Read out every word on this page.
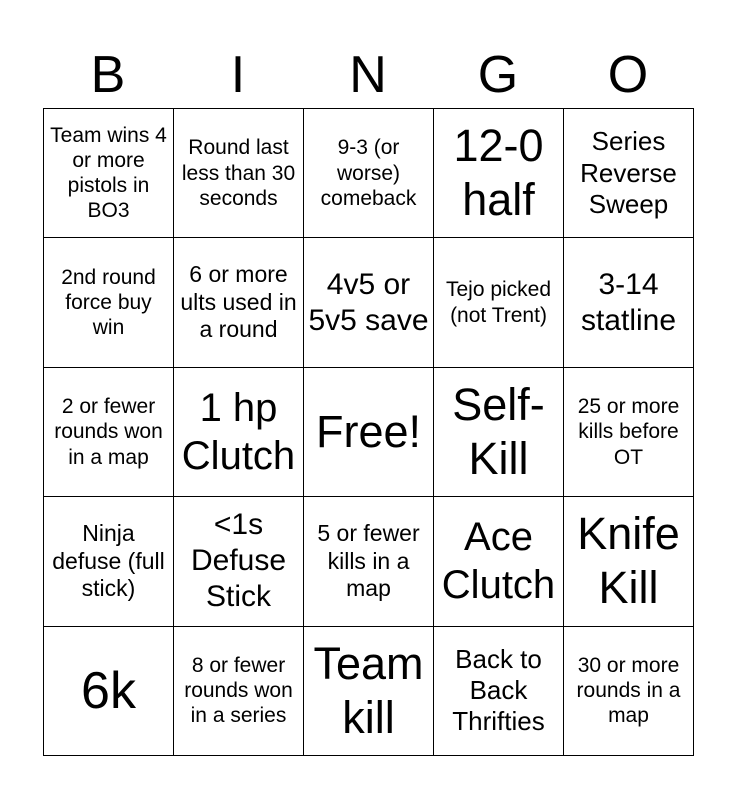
B	I	N	G	O
Team wins 4 or more pistols in BO3	Round last less than 30 seconds	9-3 (or worse) comeback	12-0 half	Series Reverse Sweep
2nd round force buy win	6 or more ults used in a round	4v5 or 5v5 save	Tejo picked (not Trent)	3-14 statline
2 or fewer rounds won in a map	1 hp Clutch	Free!	Self-Kill	25 or more kills before OT
Ninja defuse (full stick)	<1s Defuse Stick	5 or fewer kills in a map	Ace Clutch	Knife Kill
6k	8 or fewer rounds won in a series	Team kill	Back to Back Thrifties	30 or more rounds in a map
